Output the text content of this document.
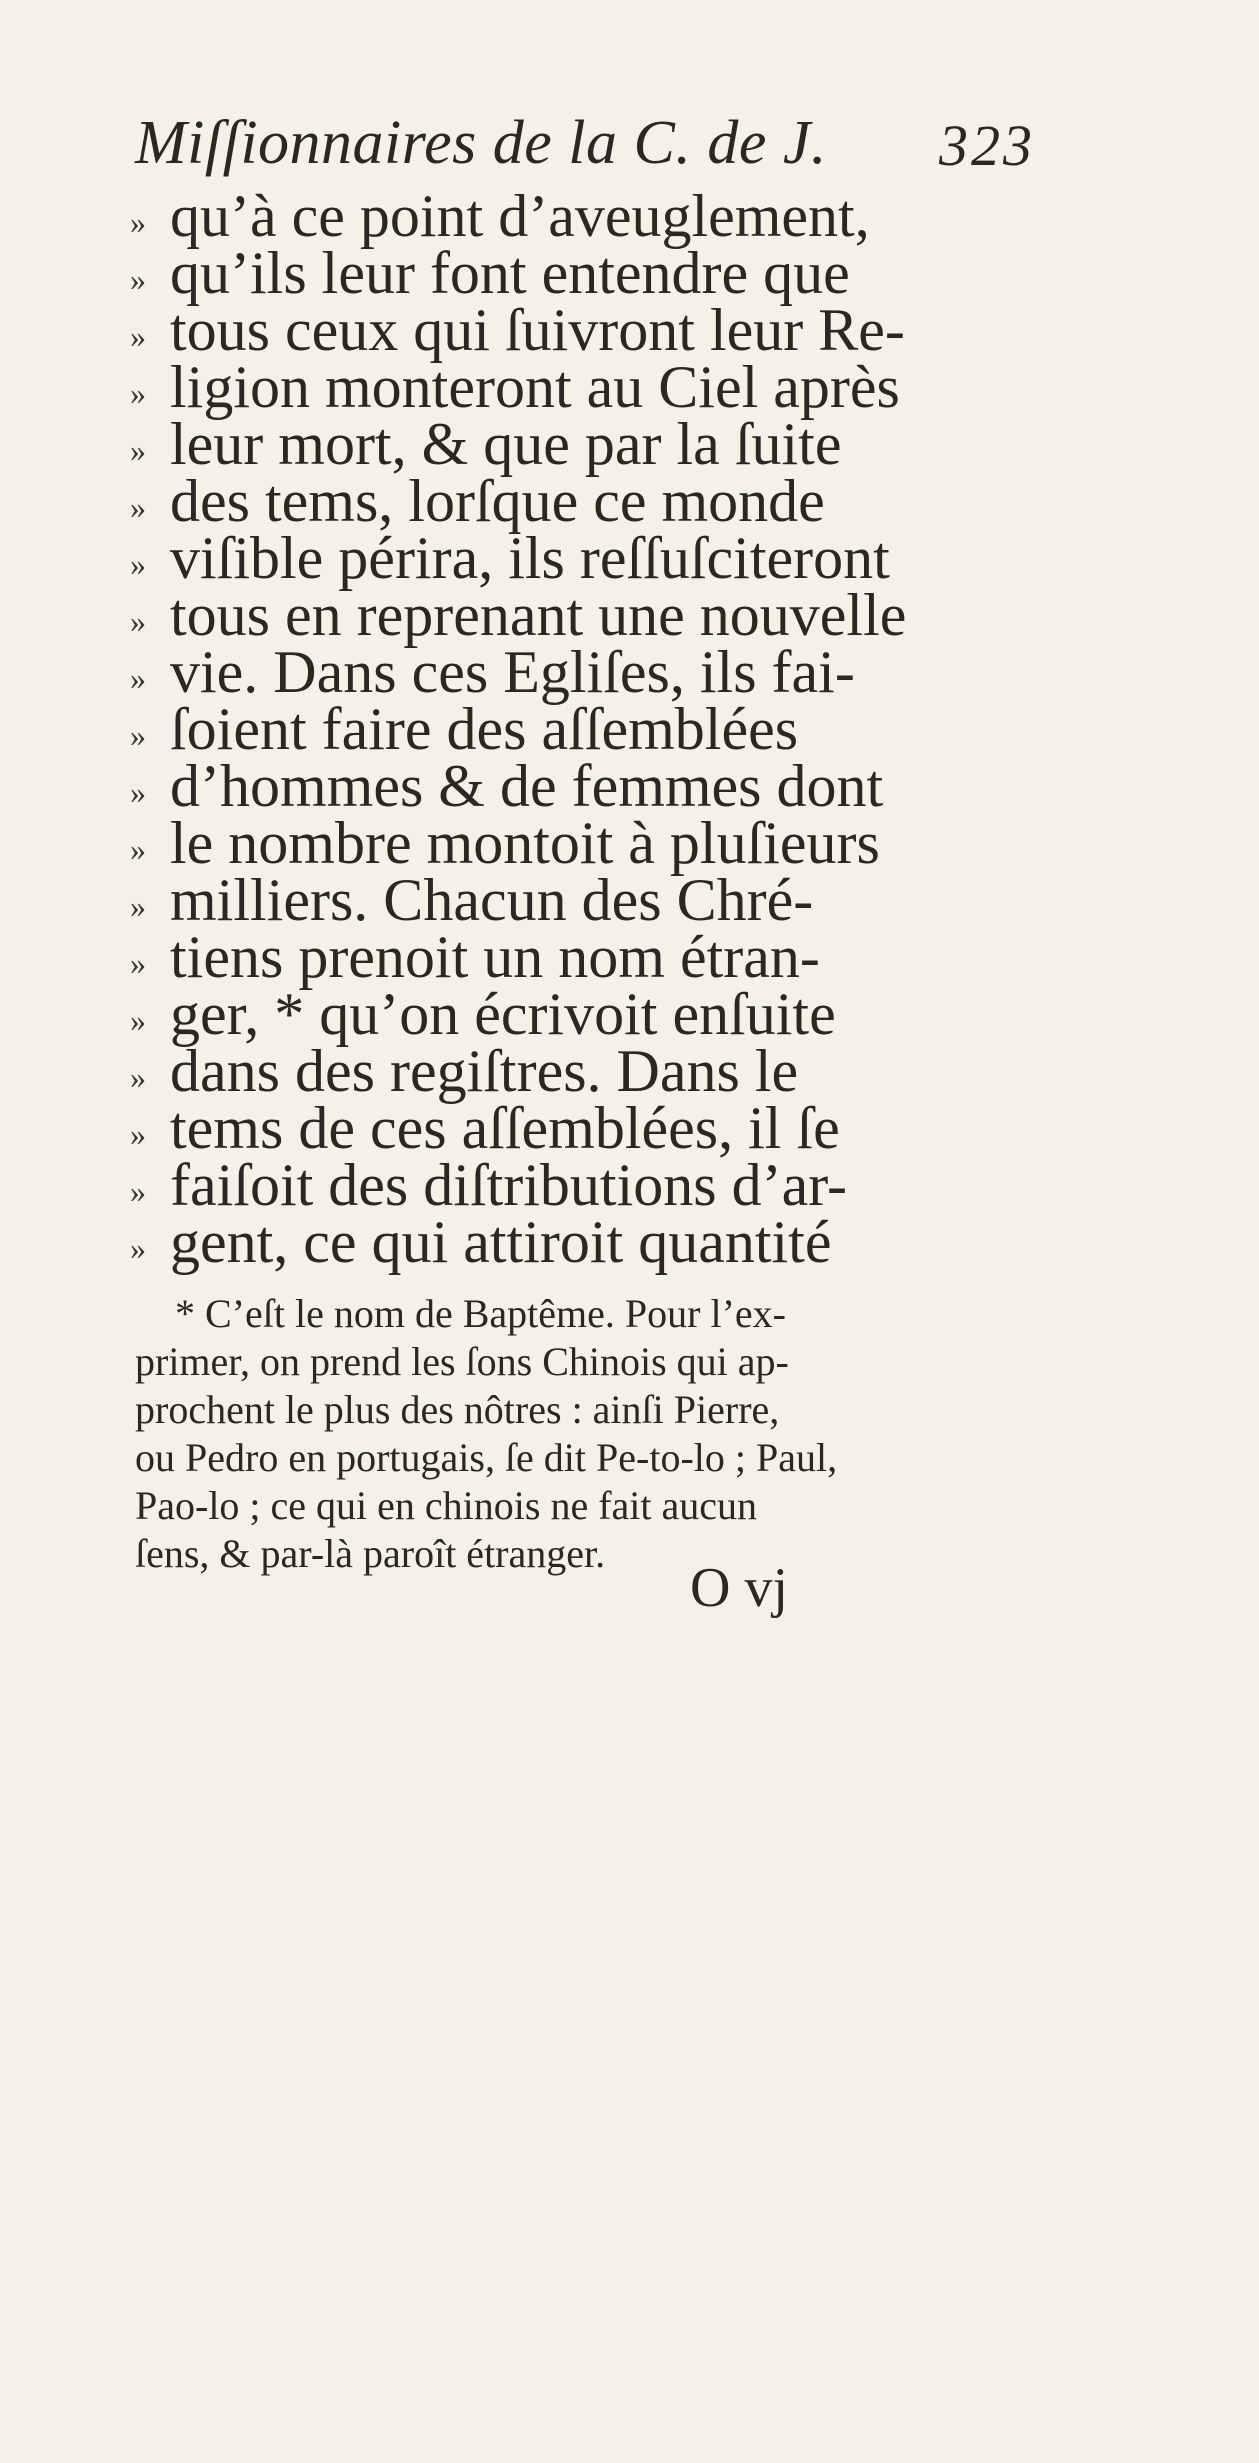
Miſſionnaires de la C. de J. 323
» qu’à ce point d’aveuglement,
» qu’ils leur font entendre que
» tous ceux qui ſuivront leur Re-
» ligion monteront au Ciel après
» leur mort, & que par la ſuite
» des tems, lorſque ce monde
» viſible périra, ils reſſuſciteront
» tous en reprenant une nouvelle
» vie. Dans ces Egliſes, ils fai-
» ſoient faire des aſſemblées
» d’hommes & de femmes dont
» le nombre montoit à pluſieurs
» milliers. Chacun des Chré-
» tiens prenoit un nom étran-
» ger, * qu’on écrivoit enſuite
» dans des regiſtres. Dans le
» tems de ces aſſemblées, il ſe
» faiſoit des diſtributions d’ar-
» gent, ce qui attiroit quantité
* C’eſt le nom de Baptême. Pour l’ex-
primer, on prend les ſons Chinois qui ap-
prochent le plus des nôtres : ainſi Pierre,
ou Pedro en portugais, ſe dit Pe-to-lo ; Paul,
Pao-lo ; ce qui en chinois ne fait aucun
ſens, & par-là paroît étranger.
O vj
